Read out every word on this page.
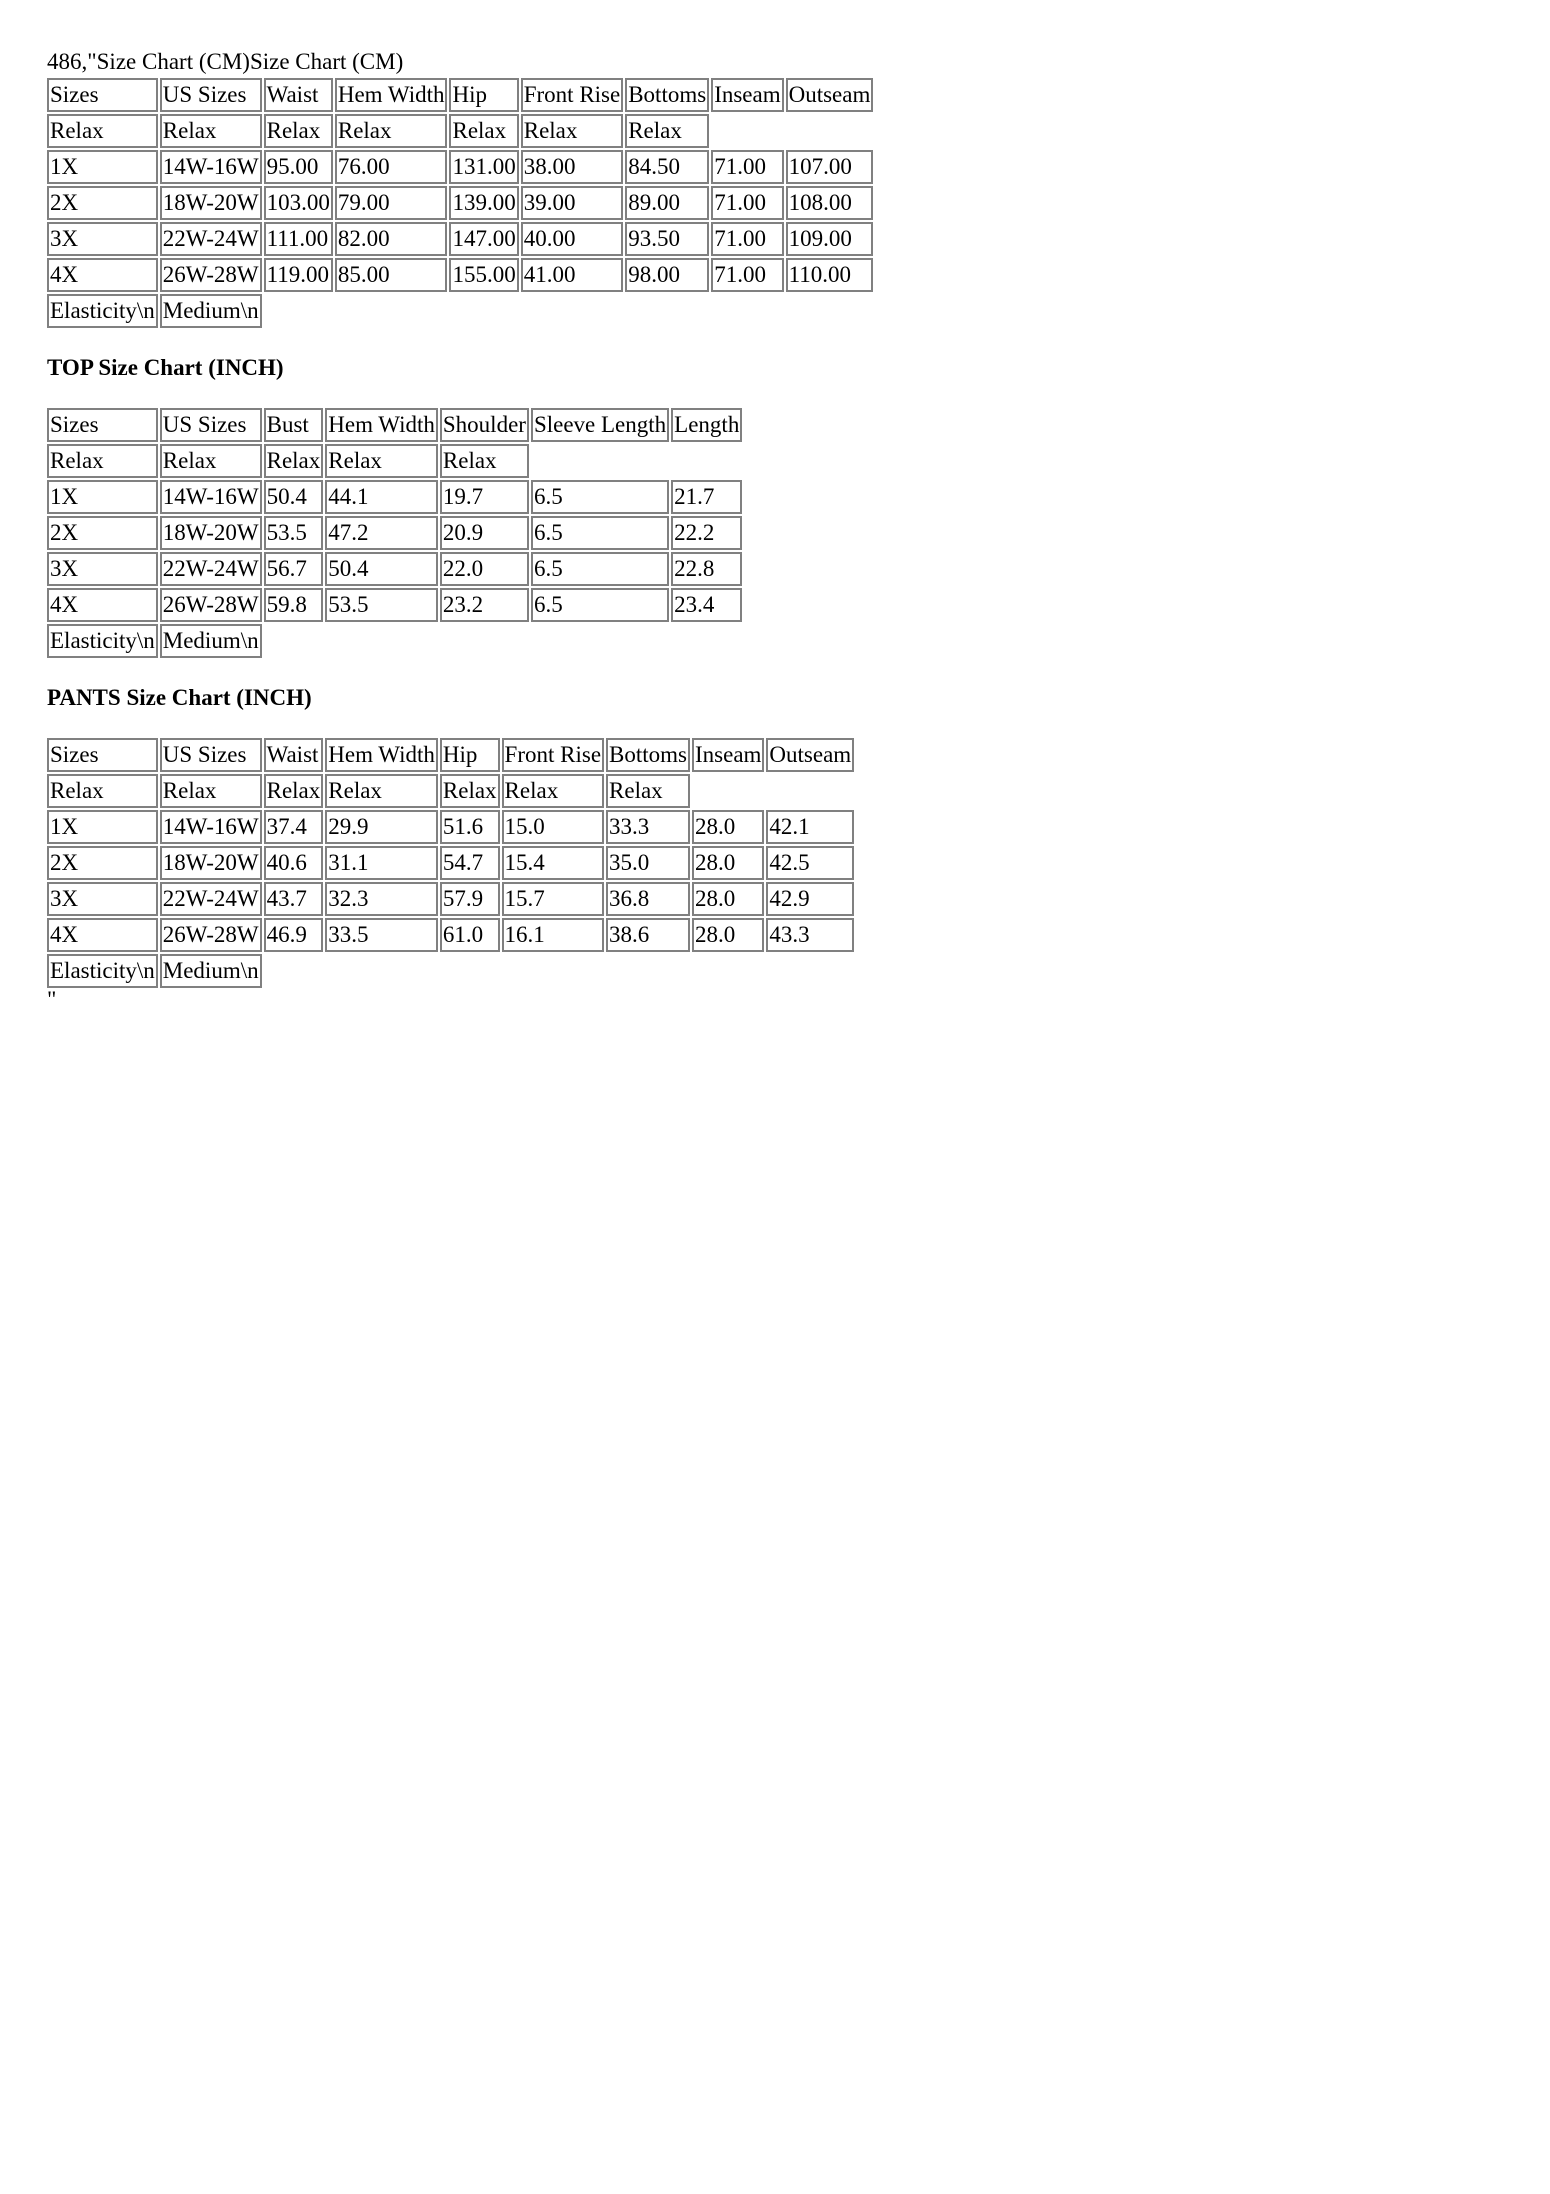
486,"Size Chart (CM)Size Chart (CM)
Sizes	US Sizes	Waist	Hem Width	Hip	Front Rise	Bottoms	Inseam	Outseam
Relax	Relax	Relax	Relax	Relax	Relax	Relax		
1X	14W-16W	95.00	76.00	131.00	38.00	84.50	71.00	107.00
2X	18W-20W	103.00	79.00	139.00	39.00	89.00	71.00	108.00
3X	22W-24W	111.00	82.00	147.00	40.00	93.50	71.00	109.00
4X	26W-28W	119.00	85.00	155.00	41.00	98.00	71.00	110.00
Elasticity\n	Medium\n							
TOP Size Chart (INCH)
Sizes	US Sizes	Bust	Hem Width	Shoulder	Sleeve Length	Length
Relax	Relax	Relax	Relax	Relax		
1X	14W-16W	50.4	44.1	19.7	6.5	21.7
2X	18W-20W	53.5	47.2	20.9	6.5	22.2
3X	22W-24W	56.7	50.4	22.0	6.5	22.8
4X	26W-28W	59.8	53.5	23.2	6.5	23.4
Elasticity\n	Medium\n					
PANTS Size Chart (INCH)
Sizes	US Sizes	Waist	Hem Width	Hip	Front Rise	Bottoms	Inseam	Outseam
Relax	Relax	Relax	Relax	Relax	Relax	Relax		
1X	14W-16W	37.4	29.9	51.6	15.0	33.3	28.0	42.1
2X	18W-20W	40.6	31.1	54.7	15.4	35.0	28.0	42.5
3X	22W-24W	43.7	32.3	57.9	15.7	36.8	28.0	42.9
4X	26W-28W	46.9	33.5	61.0	16.1	38.6	28.0	43.3
Elasticity\n	Medium\n							
"
